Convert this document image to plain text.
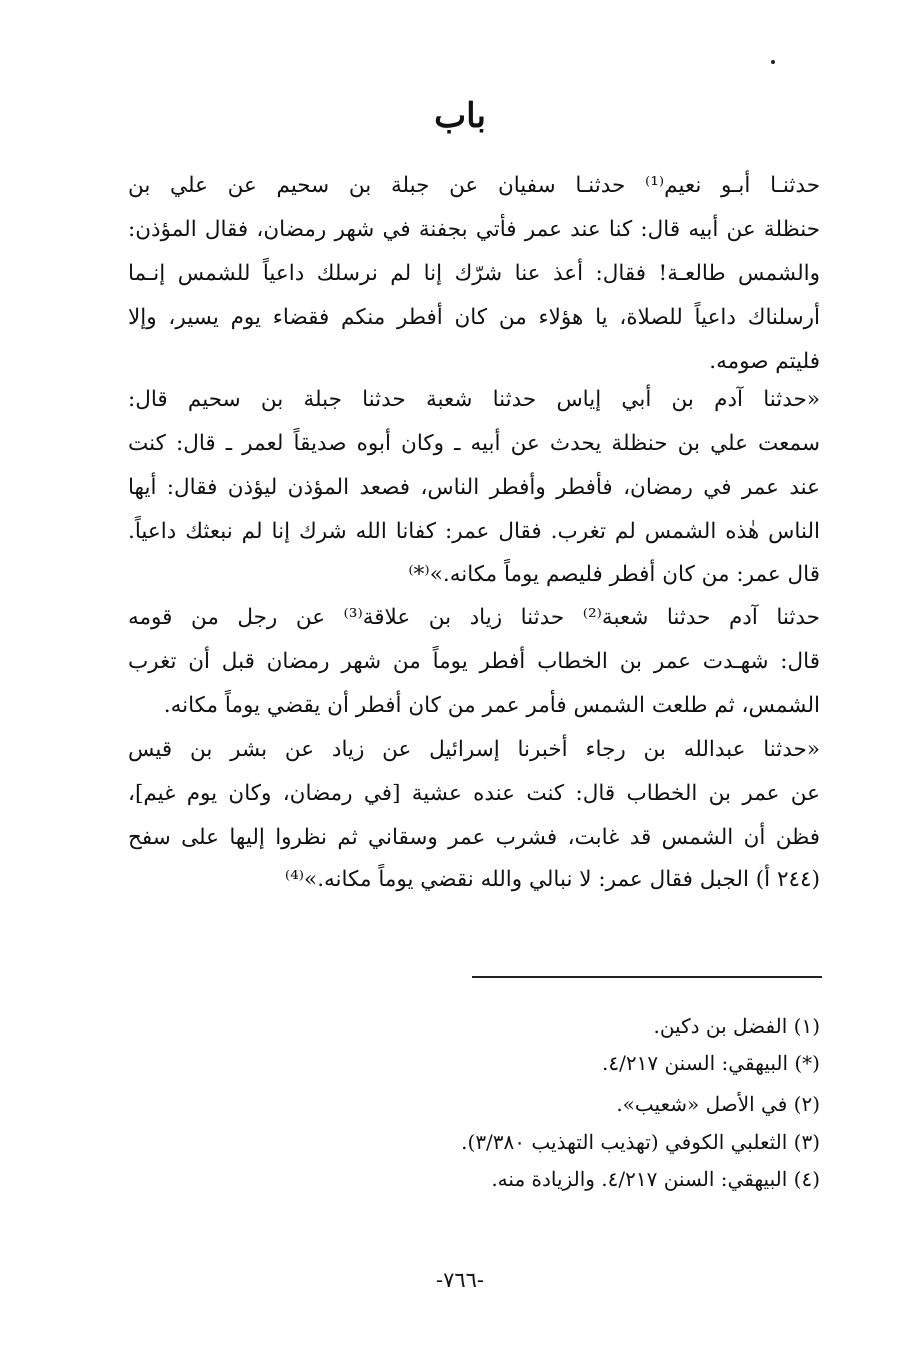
باب
حدثنـا أبـو نعيم⁽¹⁾ حدثنـا سفيان عن جبلة بن سحيم عن علي بن
حنظلة عن أبيه قال: كنا عند عمر فأتي بجفنة في شهر رمضان، فقال المؤذن:
والشمس طالعـة! فقال: أعذ عنا شرّك إنا لم نرسلك داعياً للشمس إنـما
أرسلناك داعياً للصلاة، يا هؤلاء من كان أفطر منكم فقضاء يوم يسير، وإلا
فليتم صومه.
«حدثنا آدم بن أبي إياس حدثنا شعبة حدثنا جبلة بن سحيم قال:
سمعت علي بن حنظلة يحدث عن أبيه ـ وكان أبوه صديقاً لعمر ـ قال: كنت
عند عمر في رمضان، فأفطر وأفطر الناس، فصعد المؤذن ليؤذن فقال: أيها
الناس هٰذه الشمس لم تغرب. فقال عمر: كفانا الله شرك إنا لم نبعثك داعياً.
قال عمر: من كان أفطر فليصم يوماً مكانه.»⁽*⁾
حدثنا آدم حدثنا شعبة⁽²⁾ حدثنا زياد بن علاقة⁽³⁾ عن رجل من قومه
قال: شهـدت عمر بن الخطاب أفطر يوماً من شهر رمضان قبل أن تغرب
الشمس، ثم طلعت الشمس فأمر عمر من كان أفطر أن يقضي يوماً مكانه.
«حدثنا عبدالله بن رجاء أخبرنا إسرائيل عن زياد عن بشر بن قيس
عن عمر بن الخطاب قال: كنت عنده عشية [في رمضان، وكان يوم غيم]،
فظن أن الشمس قد غابت، فشرب عمر وسقاني ثم نظروا إليها على سفح
(٢٤٤ أ) الجبل فقال عمر: لا نبالي والله نقضي يوماً مكانه.»⁽⁴⁾
(١) الفضل بن دكين.
(*) البيهقي: السنن ٤/٢١٧.
(٢) في الأصل «شعيب».
(٣) الثعلبي الكوفي (تهذيب التهذيب ٣/٣٨٠).
(٤) البيهقي: السنن ٤/٢١٧. والزيادة منه.
-٧٦٦-
